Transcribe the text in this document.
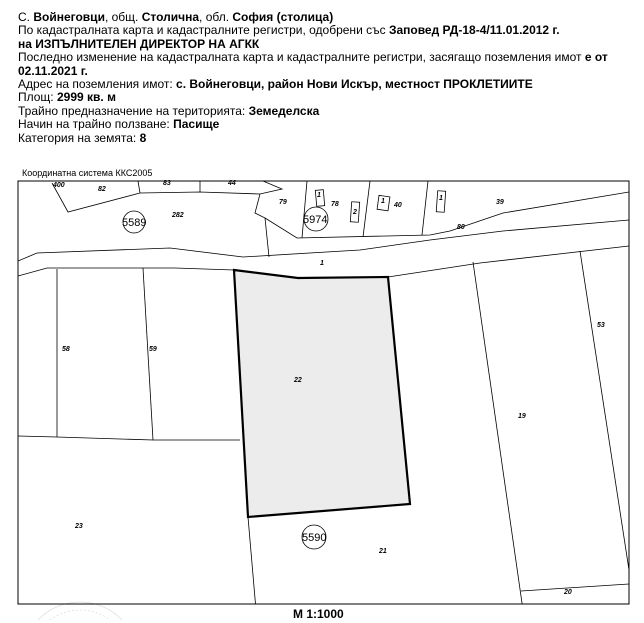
С. Войнеговци, общ. Столична, обл. София (столица)
По кадастралната карта и кадастралните регистри, одобрени със Заповед РД-18-4/11.01.2012 г.
на ИЗПЪЛНИТЕЛЕН ДИРЕКТОР НА АГКК
Последно изменение на кадастралната карта и кадастралните регистри, засягащо поземления имот е от
02.11.2021 г.
Адрес на поземления имот: с. Войнеговци, район Нови Искър, местност ПРОКЛЕТИИТЕ
Площ: 2999 кв. м
Трайно предназначение на територията: Земеделска
Начин на трайно ползване: Пасище
Категория на земята: 8
Координатна система ККС2005
5589	5974
5590
400
82
83	44
282
79	78	40	39
80
1
58	59
22
19
53
23
21
20
1
2
1	1
M 1:1000
